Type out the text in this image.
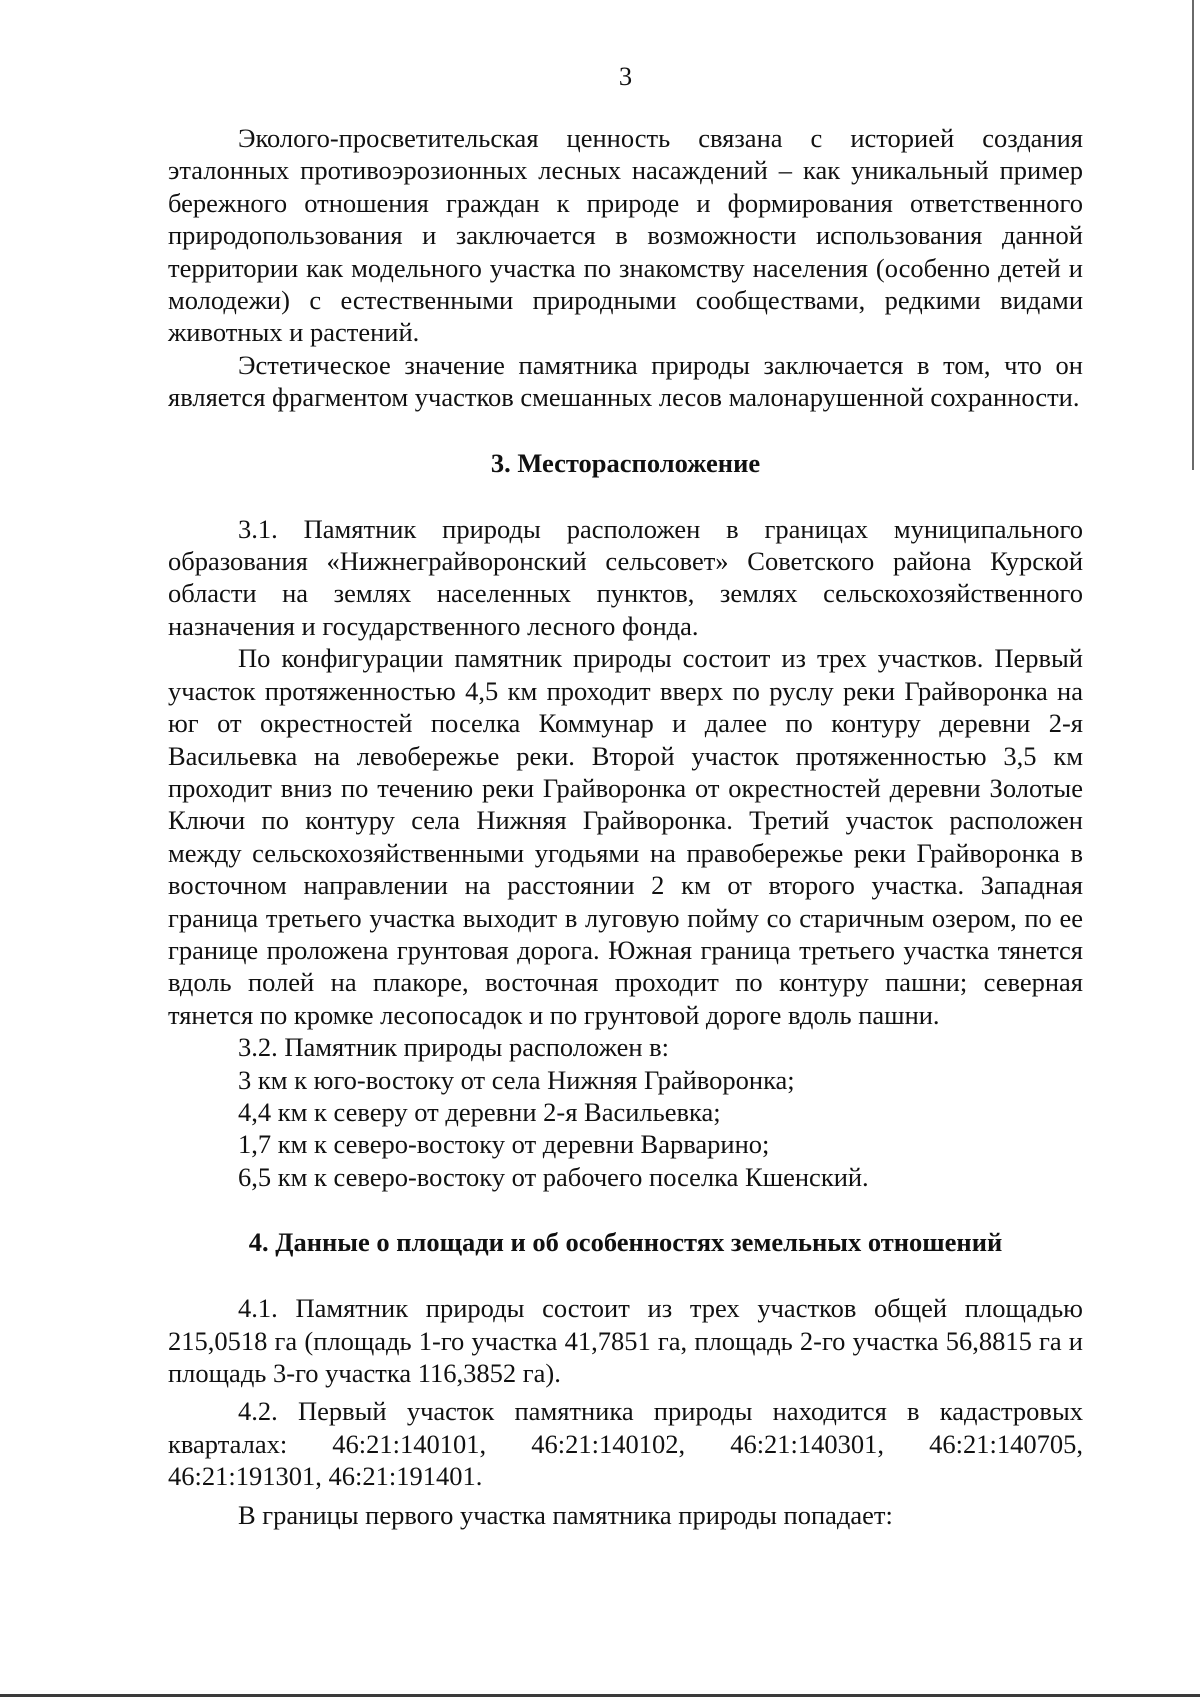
3

Эколого-просветительская ценность связана с историей создания эталонных противоэрозионных лесных насаждений – как уникальный пример бережного отношения граждан к природе и формирования ответственного природопользования и заключается в возможности использования данной территории как модельного участка по знакомству населения (особенно детей и молодежи) с естественными природными сообществами, редкими видами животных и растений.

Эстетическое значение памятника природы заключается в том, что он является фрагментом участков смешанных лесов малонарушенной сохранности.

3. Месторасположение

3.1. Памятник природы расположен в границах муниципального образования «Нижнеграйворонский сельсовет» Советского района Курской области на землях населенных пунктов, землях сельскохозяйственного назначения и государственного лесного фонда.

По конфигурации памятник природы состоит из трех участков. Первый участок протяженностью 4,5 км проходит вверх по руслу реки Грайворонка на юг от окрестностей поселка Коммунар и далее по контуру деревни 2-я Васильевка на левобережье реки. Второй участок протяженностью 3,5 км проходит вниз по течению реки Грайворонка от окрестностей деревни Золотые Ключи по контуру села Нижняя Грайворонка. Третий участок расположен между сельскохозяйственными угодьями на правобережье реки Грайворонка в восточном направлении на расстоянии 2 км от второго участка. Западная граница третьего участка выходит в луговую пойму со старичным озером, по ее границе проложена грунтовая дорога. Южная граница третьего участка тянется вдоль полей на плакоре, восточная проходит по контуру пашни; северная тянется по кромке лесопосадок и по грунтовой дороге вдоль пашни.

3.2. Памятник природы расположен в:
3 км к юго-востоку от села Нижняя Грайворонка;
4,4 км к северу от деревни 2-я Васильевка;
1,7 км к северо-востоку от деревни Варварино;
6,5 км к северо-востоку от рабочего поселка Кшенский.
4. Данные о площади и об особенностях земельных отношений

4.1. Памятник природы состоит из трех участков общей площадью 215,0518 га (площадь 1-го участка 41,7851 га, площадь 2-го участка 56,8815 га и площадь 3-го участка 116,3852 га).

4.2. Первый участок памятника природы находится в кадастровых кварталах: 46:21:140101, 46:21:140102, 46:21:140301, 46:21:140705, 46:21:191301, 46:21:191401.

В границы первого участка памятника природы попадает:
